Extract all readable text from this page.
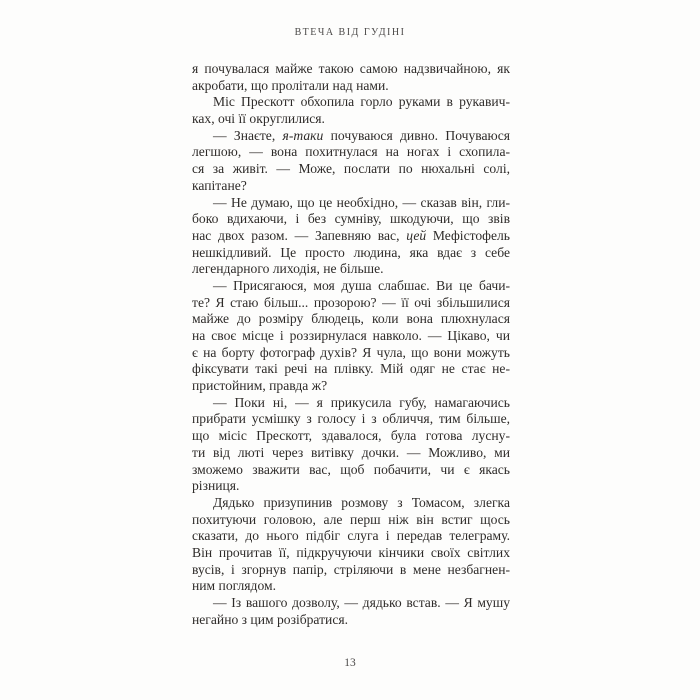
ВТЕЧА ВІД ГУДІНІ
я почувалася майже такою самою надзвичайною, як
акробати, що пролітали над нами.
Міс Прескотт обхопила горло руками в рукавич-
ках, очі її округлилися.
— Знаєте, я-таки почуваюся дивно. Почуваюся
легшою, — вона похитнулася на ногах і схопила-
ся за живіт. — Може, послати по нюхальні солі,
капітане?
— Не думаю, що це необхідно, — сказав він, гли-
боко вдихаючи, і без сумніву, шкодуючи, що звів
нас двох разом. — Запевняю вас, цей Мефістофель
нешкідливий. Це просто людина, яка вдає з себе
легендарного лиходія, не більше.
— Присягаюся, моя душа слабшає. Ви це бачи-
те? Я стаю більш... прозорою? — її очі збільшилися
майже до розміру блюдець, коли вона плюхнулася
на своє місце і роззирнулася навколо. — Цікаво, чи
є на борту фотограф духів? Я чула, що вони можуть
фіксувати такі речі на плівку. Мій одяг не стає не-
пристойним, правда ж?
— Поки ні, — я прикусила губу, намагаючись
прибрати усмішку з голосу і з обличчя, тим більше,
що місіс Прескотт, здавалося, була готова лусну-
ти від люті через витівку дочки. — Можливо, ми
зможемо зважити вас, щоб побачити, чи є якась
різниця.
Дядько призупинив розмову з Томасом, злегка
похитуючи головою, але перш ніж він встиг щось
сказати, до нього підбіг слуга і передав телеграму.
Він прочитав її, підкручуючи кінчики своїх світлих
вусів, і згорнув папір, стріляючи в мене незбагнен-
ним поглядом.
— Із вашого дозволу, — дядько встав. — Я мушу
негайно з цим розібратися.
13
